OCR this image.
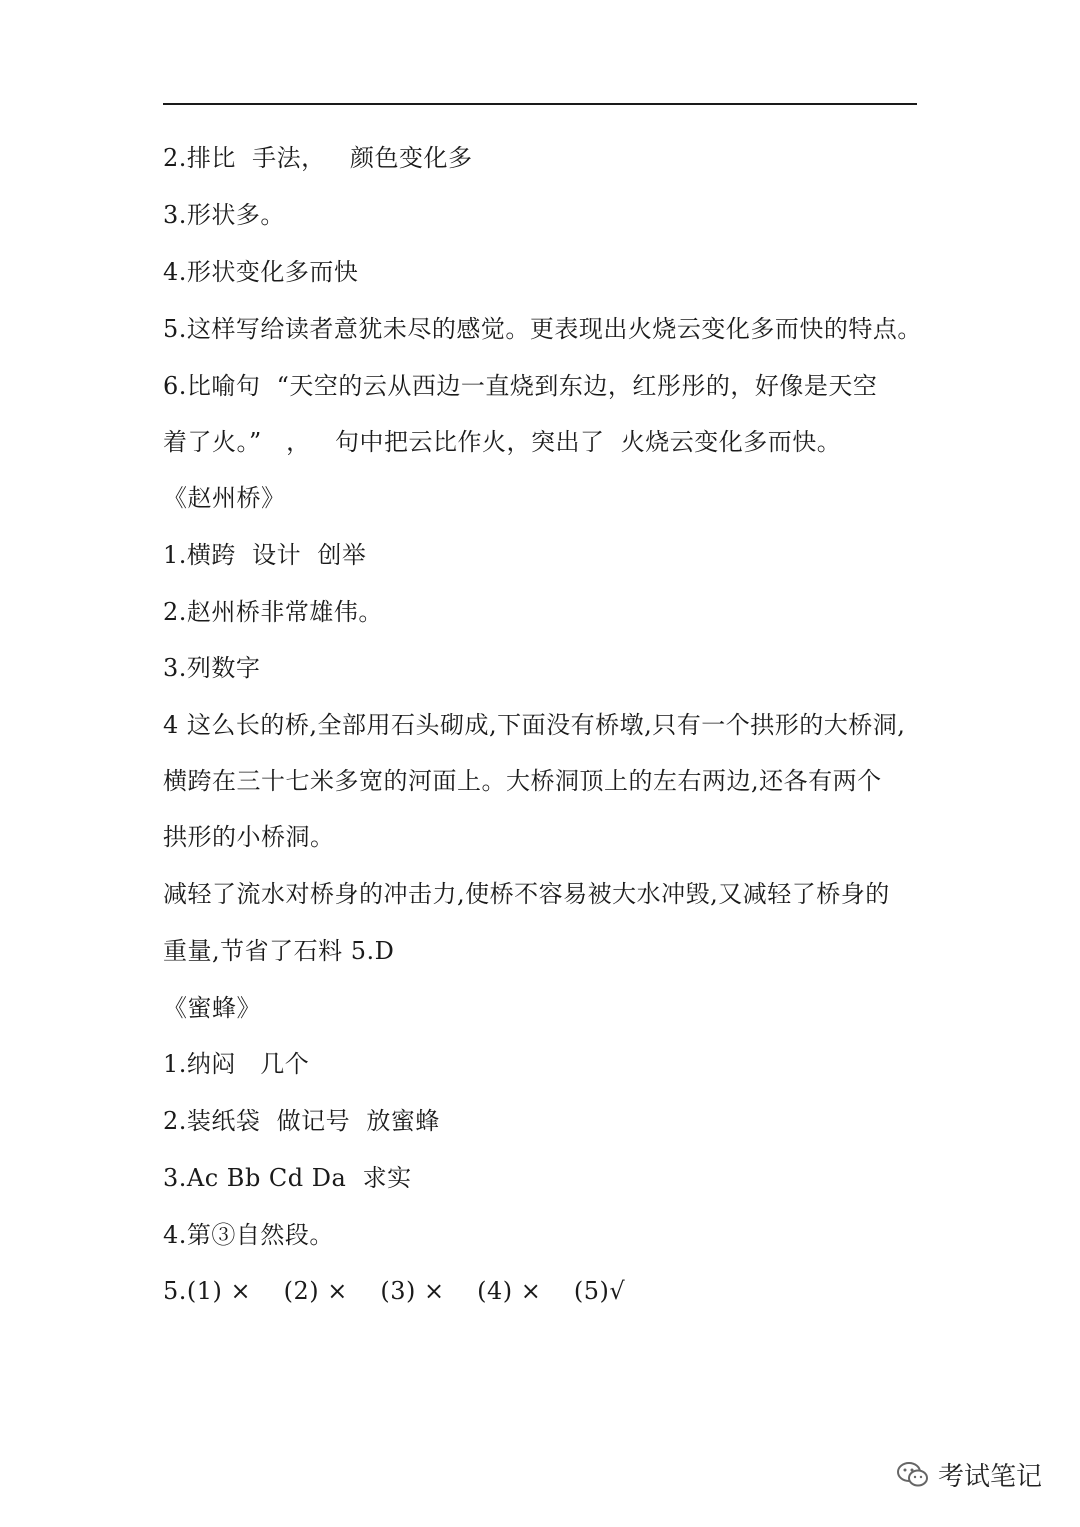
2.排比  手法，   颜色变化多
3.形状多。
4.形状变化多而快
5.这样写给读者意犹未尽的感觉。更表现出火烧云变化多而快的特点。
6.比喻句  “天空的云从西边一直烧到东边，红彤彤的，好像是天空
着了火。”   ，   句中把云比作火，突出了  火烧云变化多而快。
《赵州桥》
1.横跨  设计  创举
2.赵州桥非常雄伟。
3.列数字
4 这么长的桥,全部用石头砌成,下面没有桥墩,只有一个拱形的大桥洞,
横跨在三十七米多宽的河面上。大桥洞顶上的左右两边,还各有两个
拱形的小桥洞。
减轻了流水对桥身的冲击力,使桥不容易被大水冲毁,又减轻了桥身的
重量,节省了石料 5.D
《蜜蜂》
1.纳闷   几个
2.装纸袋  做记号  放蜜蜂
3.Ac Bb Cd Da  求实
4.第③自然段。
5.(1) ×    (2) ×    (3) ×    (4) ×    (5)√
考试笔记
